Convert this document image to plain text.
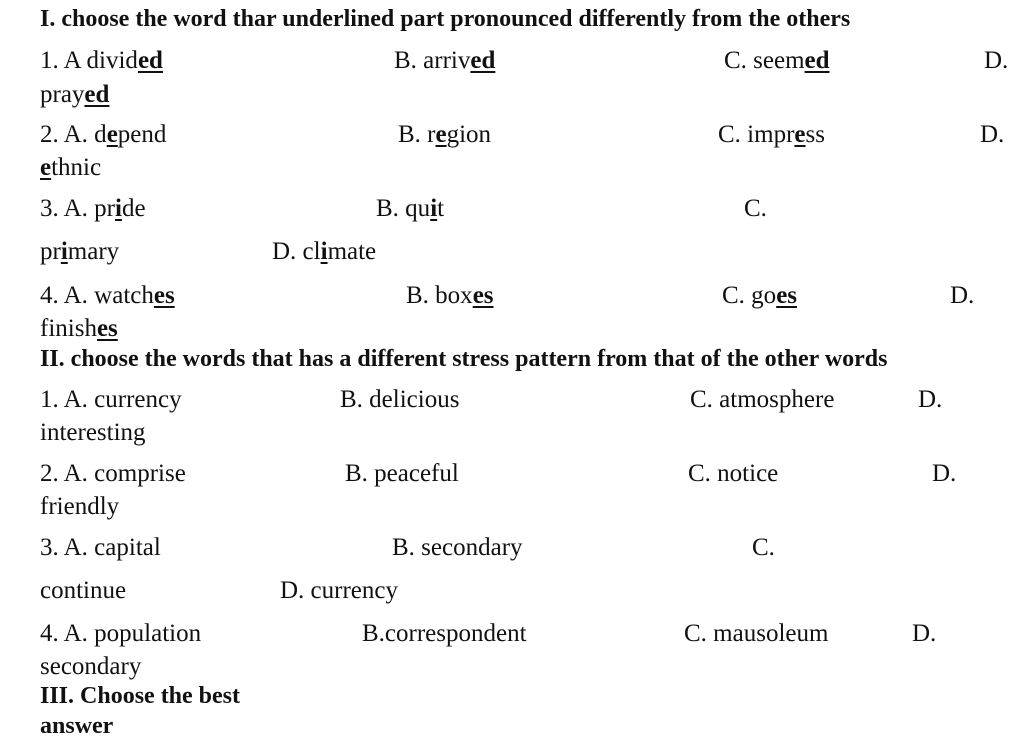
I. choose the word thar underlined part pronounced differently from the others
1. A divided	B. arrived	C. seemed	D.
prayed
2. A. depend	B. region	C. impress	D.
ethnic
3. A. pride	B. quit	C.
primary	D. climate
4. A. watches	B. boxes	C. goes	D.
finishes
II. choose the words that has a different stress pattern from that of the other words
1. A. currency	B. delicious	C. atmosphere	D.
interesting
2. A. comprise	B. peaceful	C. notice	D.
friendly
3. A. capital	B. secondary	C.
continue	D. currency
4. A. population	B.correspondent	C. mausoleum	D.
secondary
III. Choose the best answer
